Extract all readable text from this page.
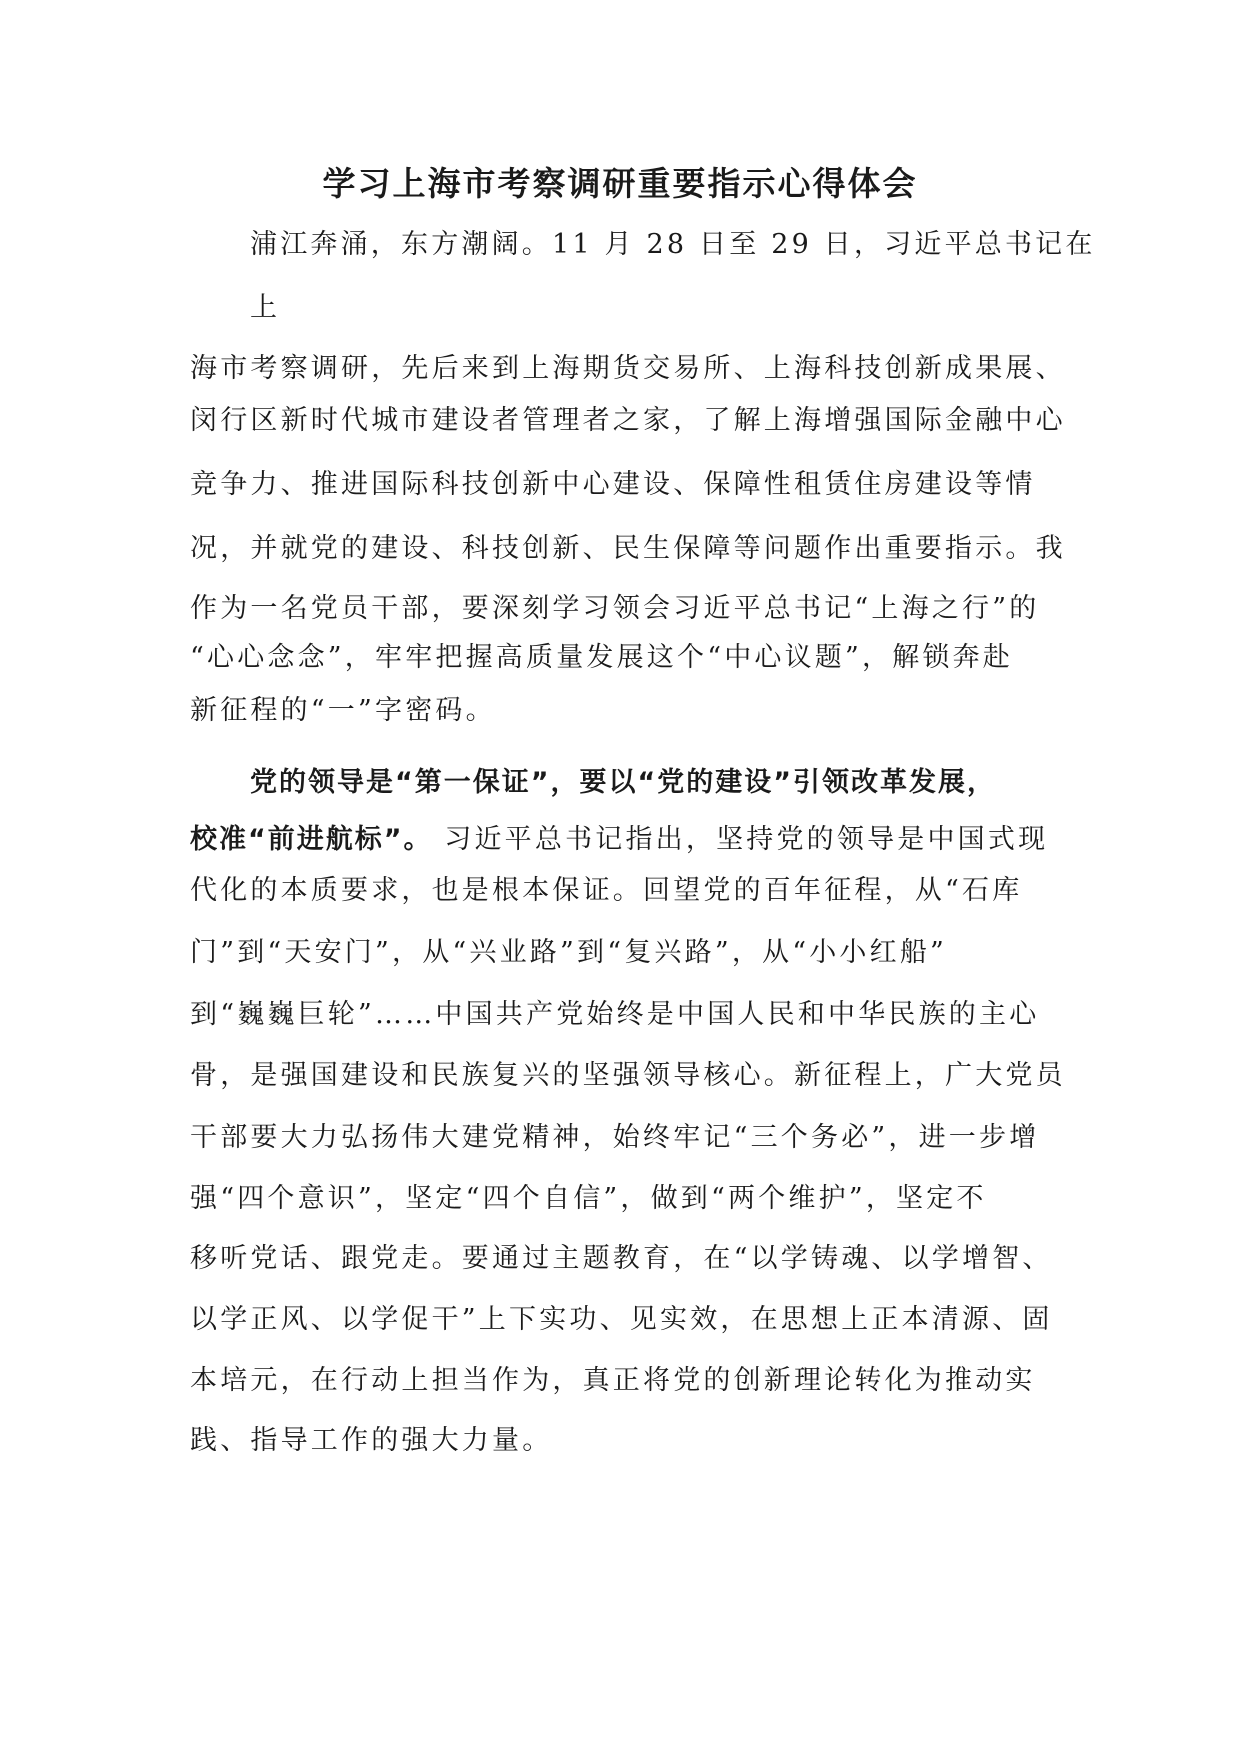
学习上海市考察调研重要指示心得体会
浦江奔涌，东方潮阔。11 月 28 日至 29 日，习近平总书记在
上
海市考察调研，先后来到上海期货交易所、上海科技创新成果展、
闵行区新时代城市建设者管理者之家，了解上海增强国际金融中心
竞争力、推进国际科技创新中心建设、保障性租赁住房建设等情
况，并就党的建设、科技创新、民生保障等问题作出重要指示。我
作为一名党员干部，要深刻学习领会习近平总书记“上海之行”的
“心心念念”，牢牢把握高质量发展这个“中心议题”，解锁奔赴
新征程的“一”字密码。
党的领导是“第一保证”，要以“党的建设”引领改革发展，
校准“前进航标”。 习近平总书记指出，坚持党的领导是中国式现
代化的本质要求，也是根本保证。回望党的百年征程，从“石库
门”到“天安门”，从“兴业路”到“复兴路”，从“小小红船”
到“巍巍巨轮”……中国共产党始终是中国人民和中华民族的主心
骨，是强国建设和民族复兴的坚强领导核心。新征程上，广大党员
干部要大力弘扬伟大建党精神，始终牢记“三个务必”，进一步增
强“四个意识”，坚定“四个自信”，做到“两个维护”，坚定不
移听党话、跟党走。要通过主题教育，在“以学铸魂、以学增智、
以学正风、以学促干”上下实功、见实效，在思想上正本清源、固
本培元，在行动上担当作为，真正将党的创新理论转化为推动实
践、指导工作的强大力量。
